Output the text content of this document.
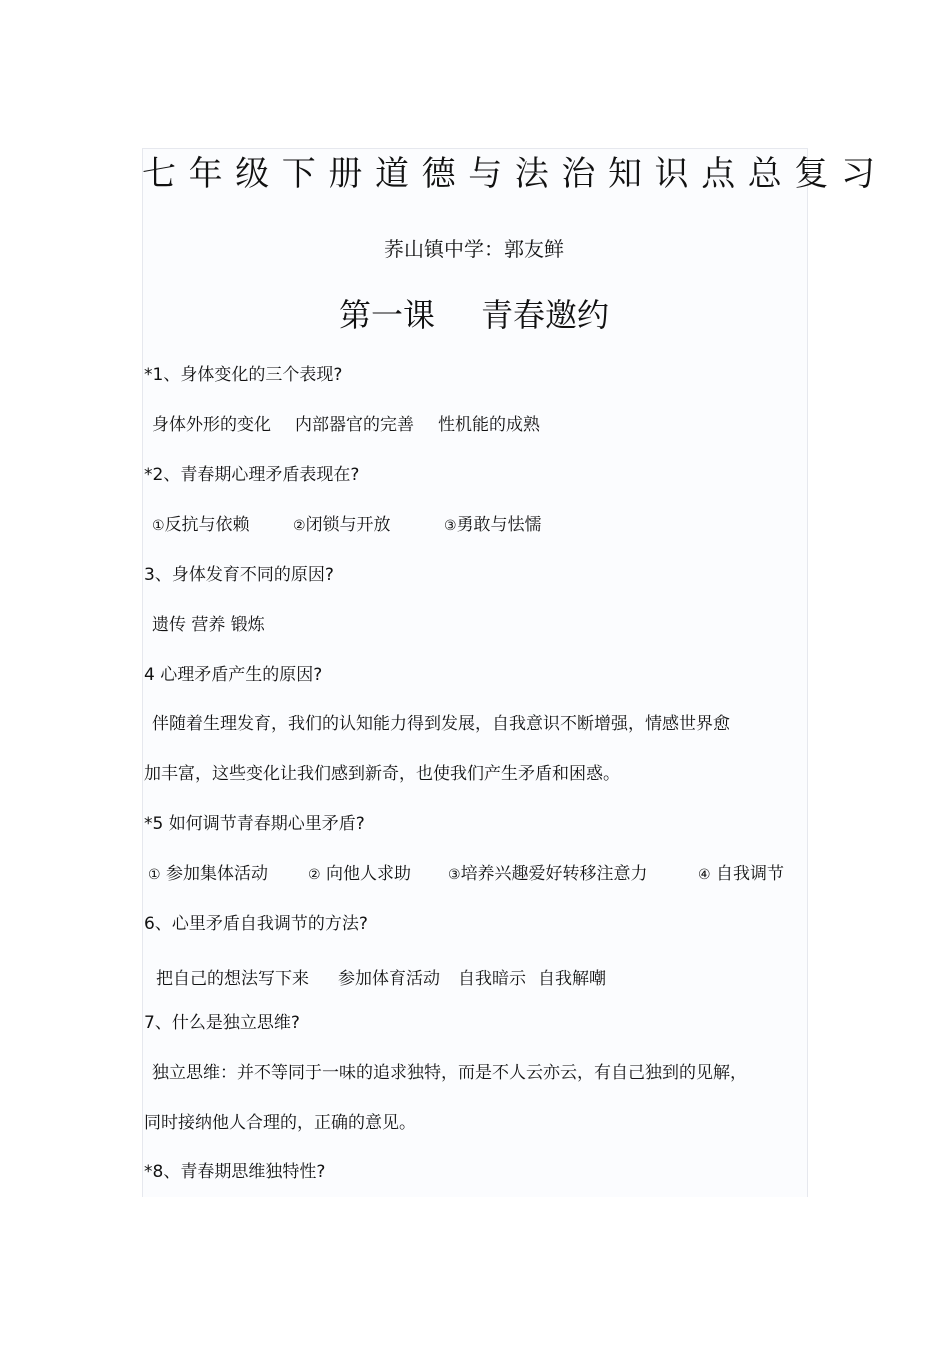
七年级下册道德与法治知识点总复习
荞山镇中学：郭友鲜
第一课 青春邀约
*1、身体变化的三个表现?
身体外形的变化 内部器官的完善 性机能的成熟
*2、青春期心理矛盾表现在?
①反抗与依赖	②闭锁与开放	③勇敢与怯懦
3、身体发育不同的原因?
遗传 营养 锻炼
4 心理矛盾产生的原因?
伴随着生理发育，我们的认知能力得到发展，自我意识不断增强，情感世界愈
加丰富，这些变化让我们感到新奇，也使我们产生矛盾和困惑。
*5 如何调节青春期心里矛盾?
① 参加集体活动	② 向他人求助	③培养兴趣爱好转移注意力	④ 自我调节
6、心里矛盾自我调节的方法?
把自己的想法写下来 参加体育活动 自我暗示 自我解嘲
7、什么是独立思维?
独立思维：并不等同于一味的追求独特，而是不人云亦云，有自己独到的见解，
同时接纳他人合理的，正确的意见。
*8、青春期思维独特性?
